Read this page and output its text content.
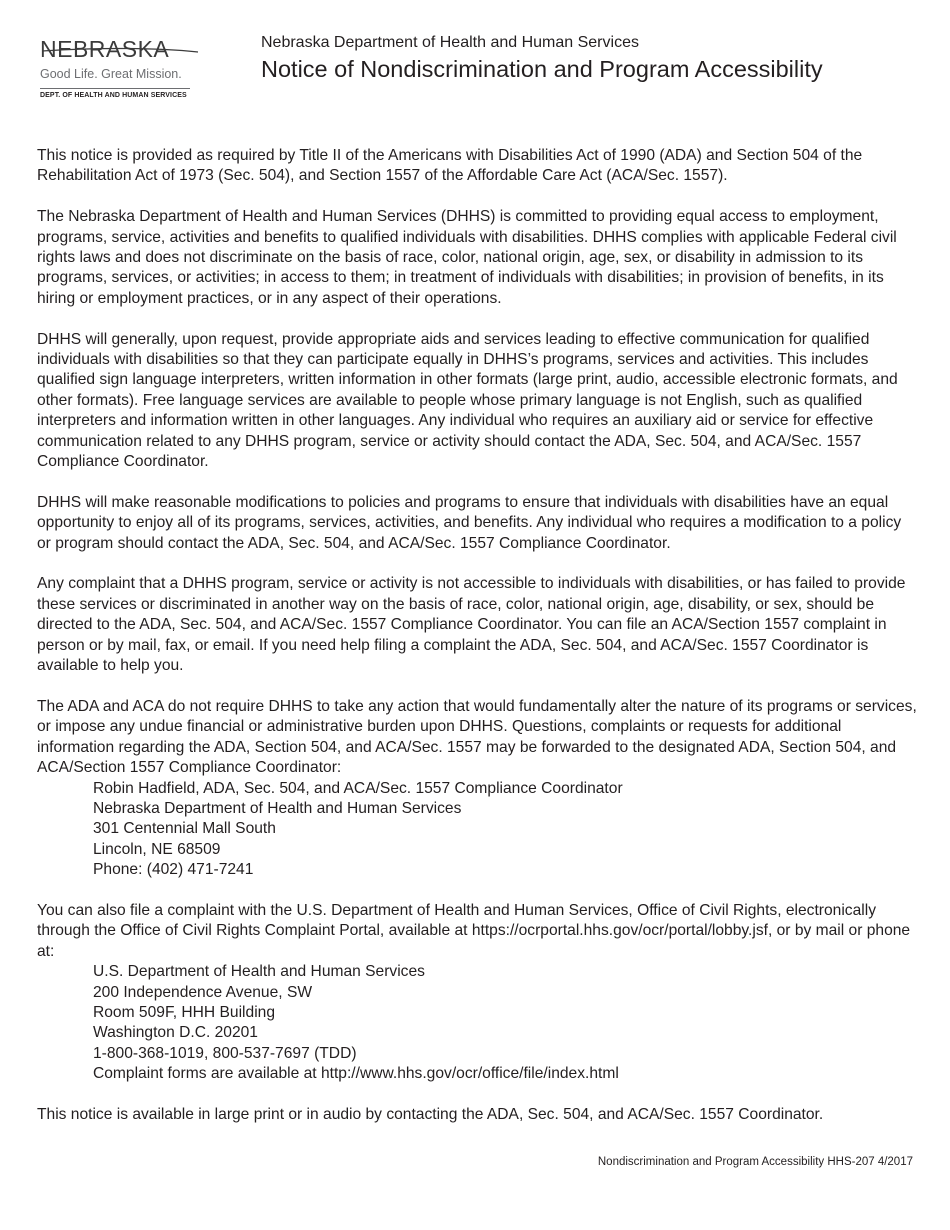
NEBRASKA
Good Life. Great Mission.
DEPT. OF HEALTH AND HUMAN SERVICES
Nebraska Department of Health and Human Services
Notice of Nondiscrimination and Program Accessibility

This notice is provided as required by Title II of the Americans with Disabilities Act of 1990 (ADA) and Section 504 of the Rehabilitation Act of 1973 (Sec. 504), and Section 1557 of the Affordable Care Act (ACA/Sec. 1557).

The Nebraska Department of Health and Human Services (DHHS) is committed to providing equal access to employment, programs, service, activities and benefits to qualified individuals with disabilities. DHHS complies with applicable Federal civil rights laws and does not discriminate on the basis of race, color, national origin, age, sex, or disability in admission to its programs, services, or activities; in access to them; in treatment of individuals with disabilities; in provision of benefits, in its hiring or employment practices, or in any aspect of their operations.

DHHS will generally, upon request, provide appropriate aids and services leading to effective communication for qualified individuals with disabilities so that they can participate equally in DHHS’s programs, services and activities. This includes qualified sign language interpreters, written information in other formats (large print, audio, accessible electronic formats, and other formats). Free language services are available to people whose primary language is not English, such as qualified interpreters and information written in other languages. Any individual who requires an auxiliary aid or service for effective communication related to any DHHS program, service or activity should contact the ADA, Sec. 504, and ACA/Sec. 1557 Compliance Coordinator.

DHHS will make reasonable modifications to policies and programs to ensure that individuals with disabilities have an equal opportunity to enjoy all of its programs, services, activities, and benefits. Any individual who requires a modification to a policy or program should contact the ADA, Sec. 504, and ACA/Sec. 1557 Compliance Coordinator.

Any complaint that a DHHS program, service or activity is not accessible to individuals with disabilities, or has failed to provide these services or discriminated in another way on the basis of race, color, national origin, age, disability, or sex, should be directed to the ADA, Sec. 504, and ACA/Sec. 1557 Compliance Coordinator. You can file an ACA/Section 1557 complaint in person or by mail, fax, or email. If you need help filing a complaint the ADA, Sec. 504, and ACA/Sec. 1557 Coordinator is available to help you.

The ADA and ACA do not require DHHS to take any action that would fundamentally alter the nature of its programs or services, or impose any undue financial or administrative burden upon DHHS. Questions, complaints or requests for additional information regarding the ADA, Section 504, and ACA/Sec. 1557 may be forwarded to the designated ADA, Section 504, and ACA/Section 1557 Compliance Coordinator:

Robin Hadfield, ADA, Sec. 504, and ACA/Sec. 1557 Compliance Coordinator
Nebraska Department of Health and Human Services
301 Centennial Mall South
Lincoln, NE 68509
Phone: (402) 471-7241

You can also file a complaint with the U.S. Department of Health and Human Services, Office of Civil Rights, electronically through the Office of Civil Rights Complaint Portal, available at https://ocrportal.hhs.gov/ocr/portal/lobby.jsf, or by mail or phone at:

U.S. Department of Health and Human Services
200 Independence Avenue, SW
Room 509F, HHH Building
Washington D.C. 20201
1-800-368-1019, 800-537-7697 (TDD)
Complaint forms are available at http://www.hhs.gov/ocr/office/file/index.html

This notice is available in large print or in audio by contacting the ADA, Sec. 504, and ACA/Sec. 1557 Coordinator.

Nondiscrimination and Program Accessibility HHS-207 4/2017
